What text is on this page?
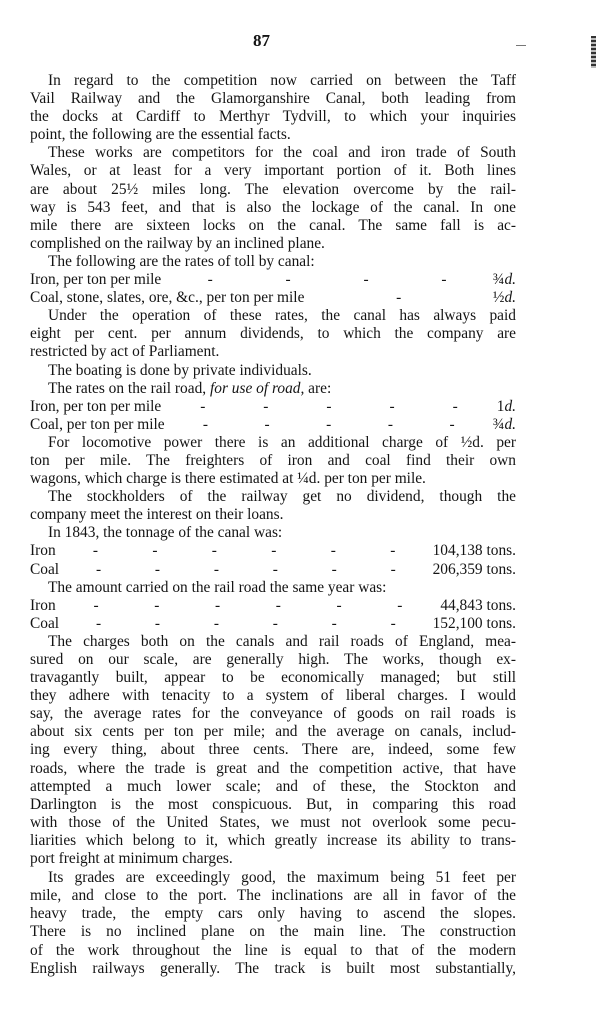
87
In regard to the competition now carried on between the Taff
Vail Railway and the Glamorganshire Canal, both leading from
the docks at Cardiff to Merthyr Tydvill, to which your inquiries
point, the following are the essential facts.
These works are competitors for the coal and iron trade of South
Wales, or at least for a very important portion of it. Both lines
are about 25½ miles long. The elevation overcome by the rail-
way is 543 feet, and that is also the lockage of the canal. In one
mile there are sixteen locks on the canal. The same fall is ac-
complished on the railway by an inclined plane.
The following are the rates of toll by canal:
Iron, per ton per mile	-	-	-	-	¾d.
Coal, stone, slates, ore, &c., per ton per mile	-	½d.
Under the operation of these rates, the canal has always paid
eight per cent. per annum dividends, to which the company are
restricted by act of Parliament.
The boating is done by private individuals.
The rates on the rail road, for use of road, are:
Iron, per ton per mile	-	-	-	-	-	1d.
Coal, per ton per mile -	-	-	-	- ¾d.
For locomotive power there is an additional charge of ½d. per
ton per mile. The freighters of iron and coal find their own
wagons, which charge is there estimated at ¼d. per ton per mile.
The stockholders of the railway get no dividend, though the
company meet the interest on their loans.
In 1843, the tonnage of the canal was:
Iron -	-	-	-	-	- 104,138 tons.
Coal -	-	-	-	-	- 206,359 tons.
The amount carried on the rail road the same year was:
Iron -	-	-	-	-	- 44,843 tons.
Coal -	-	-	-	-	- 152,100 tons.
The charges both on the canals and rail roads of England, mea-
sured on our scale, are generally high. The works, though ex-
travagantly built, appear to be economically managed; but still
they adhere with tenacity to a system of liberal charges. I would
say, the average rates for the conveyance of goods on rail roads is
about six cents per ton per mile; and the average on canals, includ-
ing every thing, about three cents. There are, indeed, some few
roads, where the trade is great and the competition active, that have
attempted a much lower scale; and of these, the Stockton and
Darlington is the most conspicuous. But, in comparing this road
with those of the United States, we must not overlook some pecu-
liarities which belong to it, which greatly increase its ability to trans-
port freight at minimum charges.
Its grades are exceedingly good, the maximum being 51 feet per
mile, and close to the port. The inclinations are all in favor of the
heavy trade, the empty cars only having to ascend the slopes.
There is no inclined plane on the main line. The construction
of the work throughout the line is equal to that of the modern
English railways generally. The track is built most substantially,
